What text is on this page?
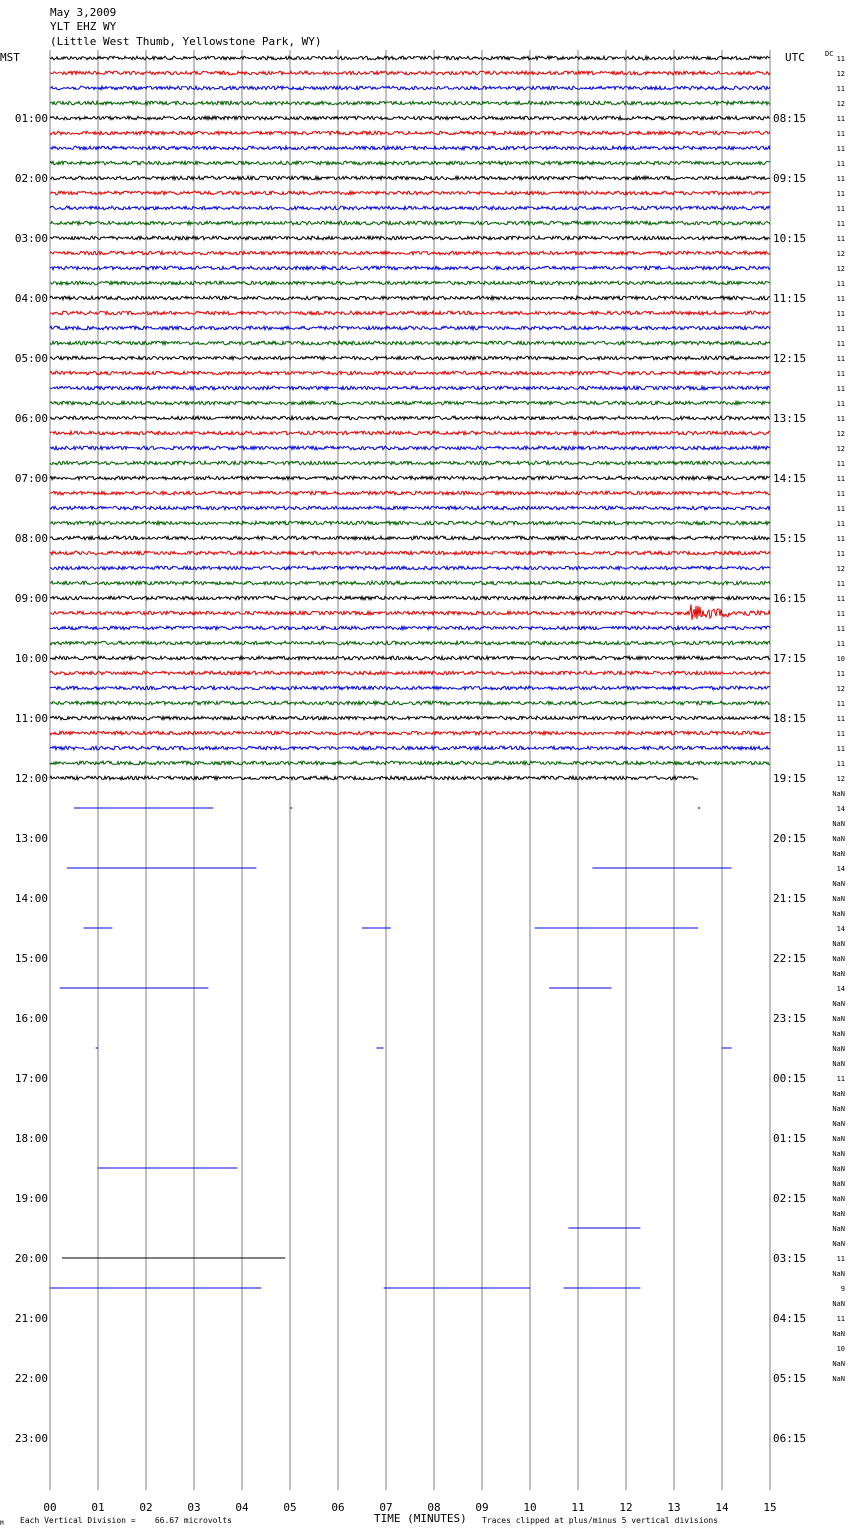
May 3,2009
YLT EHZ WY
(Little West Thumb, Yellowstone Park, WY)
MST	UTC	DC
01:00	08:15
02:00	09:15
03:00	10:15
04:00	11:15
05:00	12:15
06:00	13:15
07:00	14:15
08:00	15:15
09:00	16:15
10:00	17:15
11:00	18:15
12:00	19:15
13:00	20:15
14:00	21:15
15:00	22:15
16:00	23:15
17:00	00:15
18:00	01:15
19:00	02:15
20:00	03:15
21:00	04:15
22:00	05:15
23:00	06:15
11
12
11
12
11
11
11
11
11
11
11
11
11
12
12
11
11
11
11
11
11
11
11
11
11
12
12
11
11
11
11
11
11
11
12
11
11
11
11
11
10
11
12
11
11
11
11
11
12
NaN
14
NaN
NaN
NaN
14
NaN
NaN
NaN
14
NaN
NaN
NaN
14
NaN
NaN
NaN
NaN
NaN
11
NaN
NaN
NaN
NaN
NaN
NaN
NaN
NaN
NaN
NaN
NaN
11
NaN
9
NaN
11
NaN
10
NaN
NaN
00	01	02	03	04	05	06	07	08	09	10	11	12	13	14	15
M Each Vertical Division =    66.67 microvolts	TIME (MINUTES) Traces clipped at plus/minus 5 vertical divisions
